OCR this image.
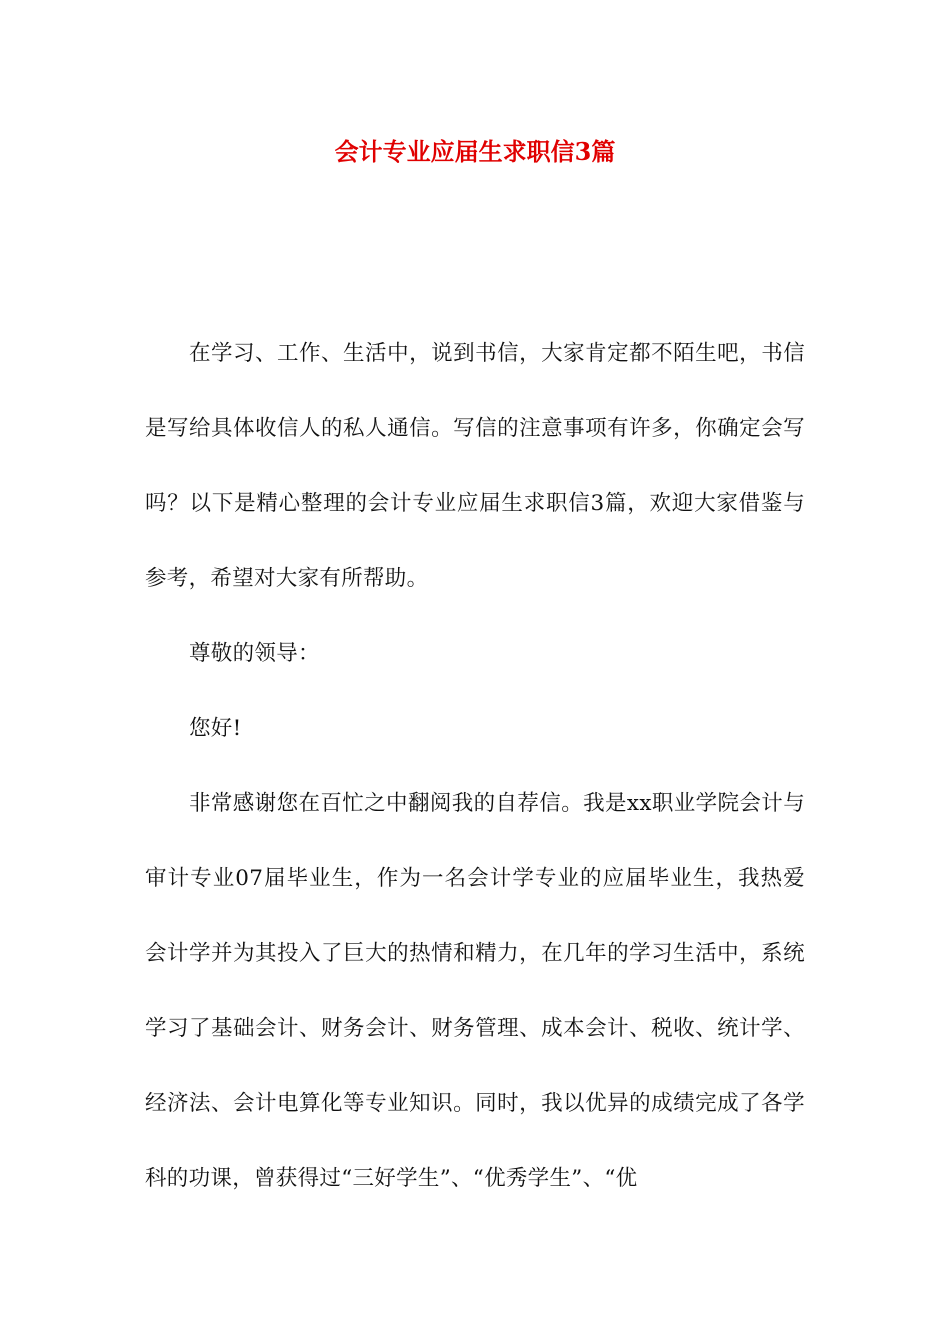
会计专业应届生求职信3篇

在学习、工作、生活中，说到书信，大家肯定都不陌生吧，书信是写给具体收信人的私人通信。写信的注意事项有许多，你确定会写吗？以下是精心整理的会计专业应届生求职信3篇，欢迎大家借鉴与参考，希望对大家有所帮助。

尊敬的领导：

您好!

非常感谢您在百忙之中翻阅我的自荐信。我是xx职业学院会计与审计专业07届毕业生，作为一名会计学专业的应届毕业生，我热爱会计学并为其投入了巨大的热情和精力，在几年的学习生活中，系统学习了基础会计、财务会计、财务管理、成本会计、税收、统计学、经济法、会计电算化等专业知识。同时，我以优异的成绩完成了各学科的功课，曾获得过“三好学生”、“优秀学生”、“优
